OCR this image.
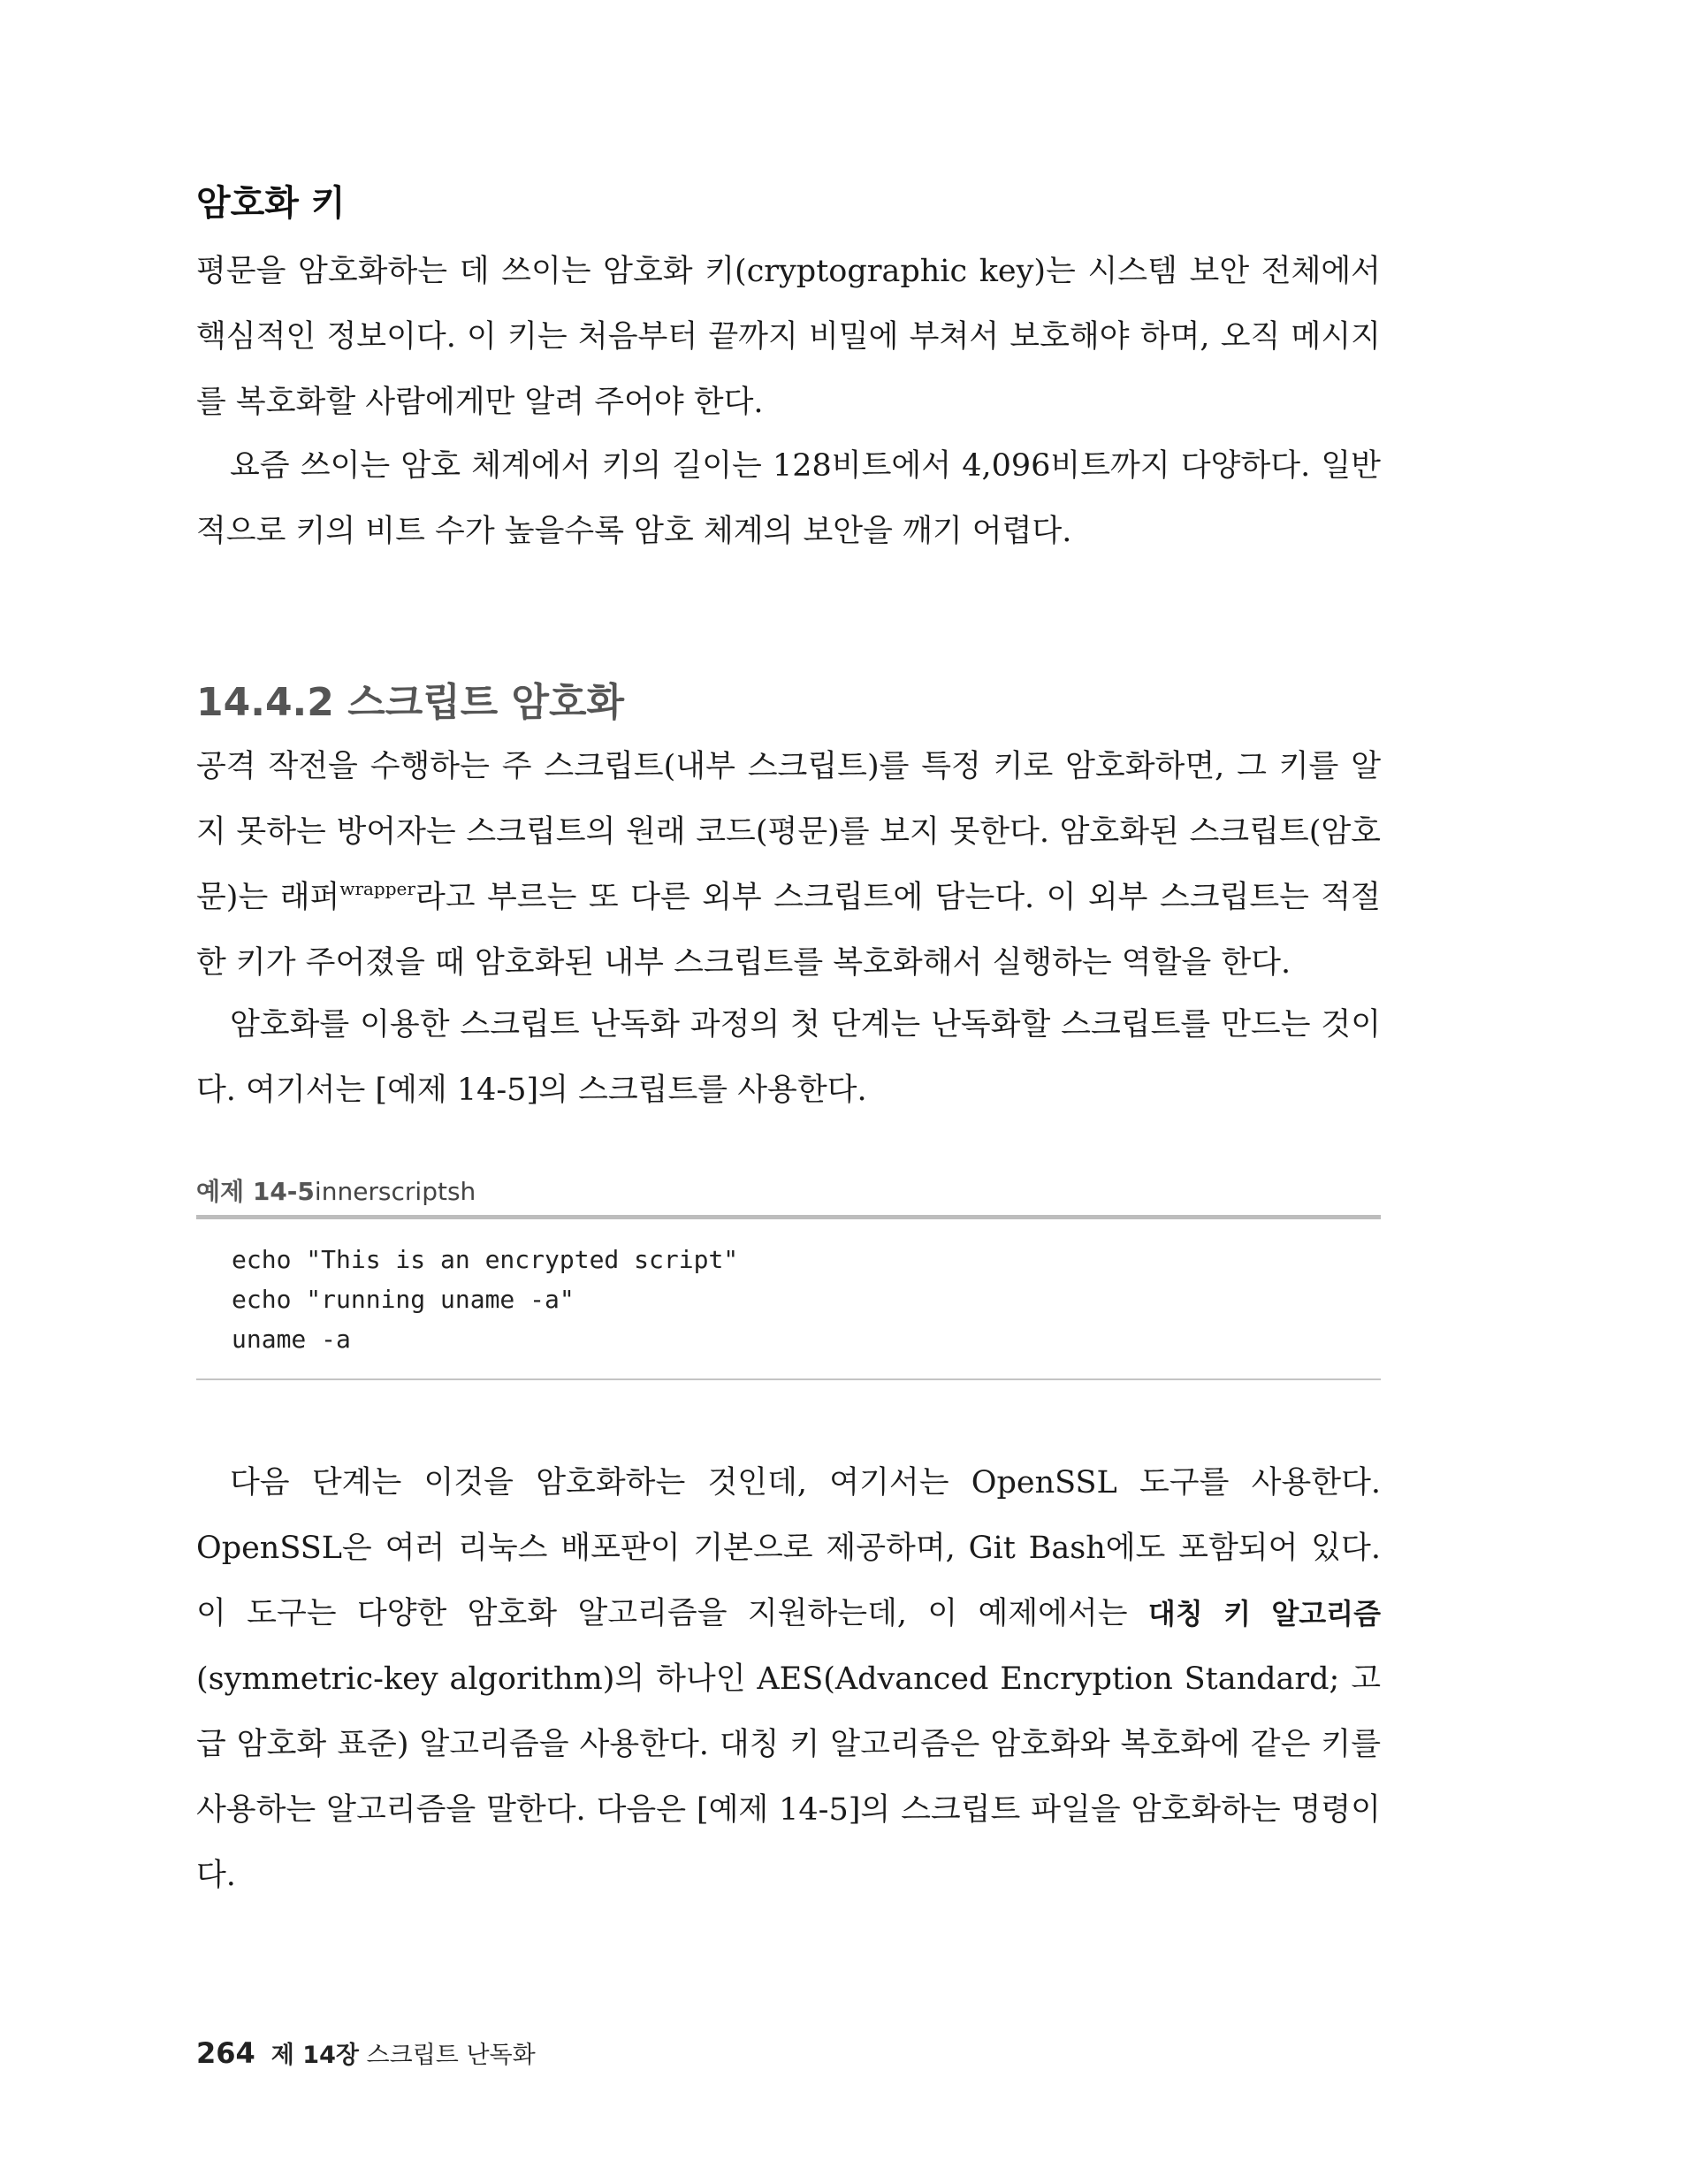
암호화 키

평문을 암호화하는 데 쓰이는 암호화 키(cryptographic key)는 시스템 보안 전체에서 핵심적인 정보이다. 이 키는 처음부터 끝까지 비밀에 부쳐서 보호해야 하며, 오직 메시지를 복호화할 사람에게만 알려 주어야 한다.

요즘 쓰이는 암호 체계에서 키의 길이는 128비트에서 4,096비트까지 다양하다. 일반적으로 키의 비트 수가 높을수록 암호 체계의 보안을 깨기 어렵다.

14.4.2 스크립트 암호화

공격 작전을 수행하는 주 스크립트(내부 스크립트)를 특정 키로 암호화하면, 그 키를 알지 못하는 방어자는 스크립트의 원래 코드(평문)를 보지 못한다. 암호화된 스크립트(암호문)는 래퍼$^{wrapper}$라고 부르는 또 다른 외부 스크립트에 담는다. 이 외부 스크립트는 적절한 키가 주어졌을 때 암호화된 내부 스크립트를 복호화해서 실행하는 역할을 한다.

암호화를 이용한 스크립트 난독화 과정의 첫 단계는 난독화할 스크립트를 만드는 것이다. 여기서는 [예제 14-5]의 스크립트를 사용한다.

예제 14-5innerscriptsh
echo "This is an encrypted script"
echo "running uname -a"
uname -a

다음 단계는 이것을 암호화하는 것인데, 여기서는 OpenSSL 도구를 사용한다. OpenSSL은 여러 리눅스 배포판이 기본으로 제공하며, Git Bash에도 포함되어 있다. 이 도구는 다양한 암호화 알고리즘을 지원하는데, 이 예제에서는 대칭 키 알고리즘(symmetric-key algorithm)의 하나인 AES(Advanced Encryption Standard; 고급 암호화 표준) 알고리즘을 사용한다. 대칭 키 알고리즘은 암호화와 복호화에 같은 키를 사용하는 알고리즘을 말한다. 다음은 [예제 14-5]의 스크립트 파일을 암호화하는 명령이다.

264 제 14장 스크립트 난독화
